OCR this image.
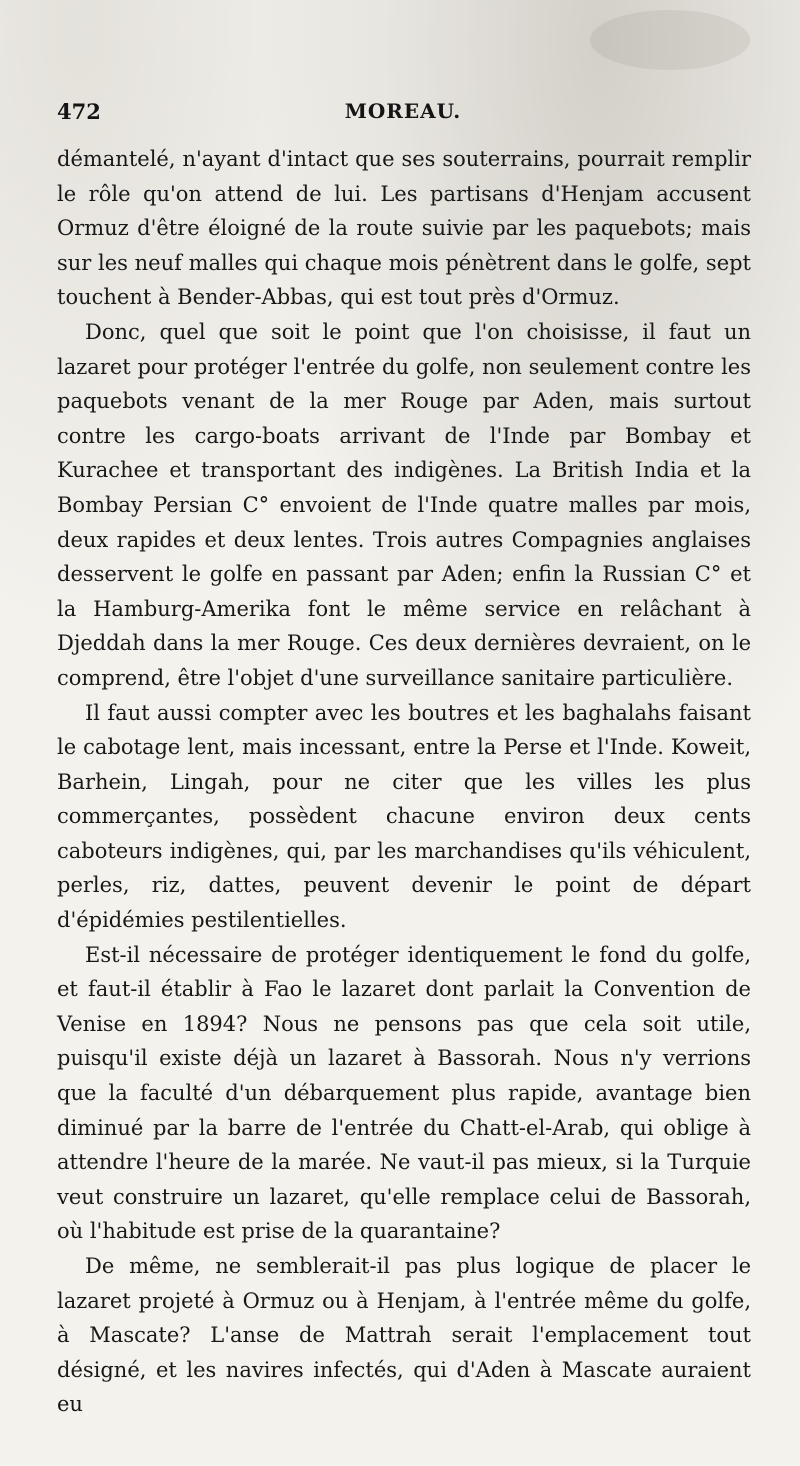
472	MOREAU.

démantelé, n'ayant d'intact que ses souterrains, pourrait remplir le rôle qu'on attend de lui. Les partisans d'Henjam accusent Ormuz d'être éloigné de la route suivie par les paquebots; mais sur les neuf malles qui chaque mois pénètrent dans le golfe, sept touchent à Bender-Abbas, qui est tout près d'Ormuz.

Donc, quel que soit le point que l'on choisisse, il faut un lazaret pour protéger l'entrée du golfe, non seulement contre les paquebots venant de la mer Rouge par Aden, mais surtout contre les cargo-boats arrivant de l'Inde par Bombay et Kurachee et transportant des indigènes. La British India et la Bombay Persian C° envoient de l'Inde quatre malles par mois, deux rapides et deux lentes. Trois autres Compagnies anglaises desservent le golfe en passant par Aden; enfin la Russian C° et la Hamburg-Amerika font le même service en relâchant à Djeddah dans la mer Rouge. Ces deux dernières devraient, on le comprend, être l'objet d'une surveillance sanitaire particulière.

Il faut aussi compter avec les boutres et les baghalahs faisant le cabotage lent, mais incessant, entre la Perse et l'Inde. Koweit, Barhein, Lingah, pour ne citer que les villes les plus commerçantes, possèdent chacune environ deux cents caboteurs indigènes, qui, par les marchandises qu'ils véhiculent, perles, riz, dattes, peuvent devenir le point de départ d'épidémies pestilentielles.

Est-il nécessaire de protéger identiquement le fond du golfe, et faut-il établir à Fao le lazaret dont parlait la Convention de Venise en 1894? Nous ne pensons pas que cela soit utile, puisqu'il existe déjà un lazaret à Bassorah. Nous n'y verrions que la faculté d'un débarquement plus rapide, avantage bien diminué par la barre de l'entrée du Chatt-el-Arab, qui oblige à attendre l'heure de la marée. Ne vaut-il pas mieux, si la Turquie veut construire un lazaret, qu'elle remplace celui de Bassorah, où l'habitude est prise de la quarantaine?

De même, ne semblerait-il pas plus logique de placer le lazaret projeté à Ormuz ou à Henjam, à l'entrée même du golfe, à Mascate? L'anse de Mattrah serait l'emplacement tout désigné, et les navires infectés, qui d'Aden à Mascate auraient eu
